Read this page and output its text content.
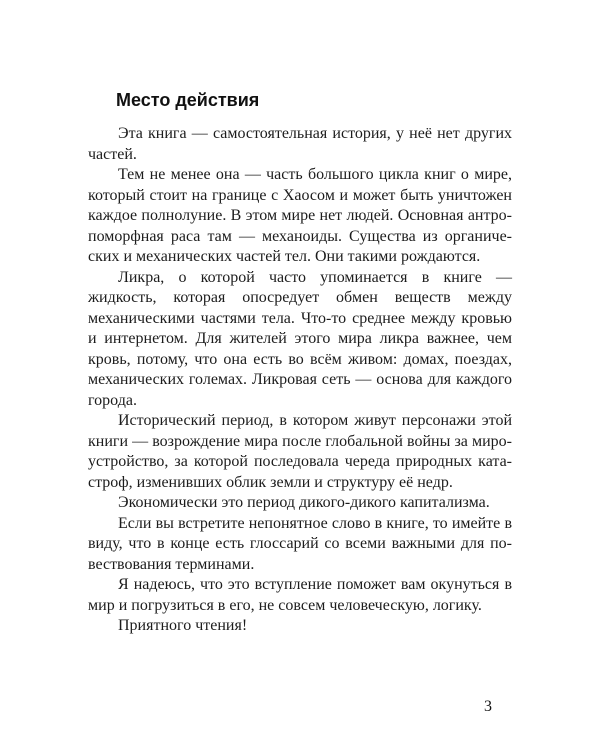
Место действия

Эта книга — самостоятельная история, у неё нет других частей.

Тем не менее она — часть большого цикла книг о мире, который стоит на границе с Хаосом и может быть уничтожен каждое полнолуние. В этом мире нет людей. Основная антропоморфная раса там — механоиды. Существа из органических и механических частей тел. Они такими рождаются.

Ликра, о которой часто упоминается в книге — жидкость, которая опосредует обмен веществ между механическими частями тела. Что-то среднее между кровью и интернетом. Для жителей этого мира ликра важнее, чем кровь, потому, что она есть во всём живом: домах, поездах, механических големах. Ликровая сеть — основа для каждого города.

Исторический период, в котором живут персонажи этой книги — возрождение мира после глобальной войны за мироустройство, за которой последовала череда природных катастроф, изменивших облик земли и структуру её недр.

Экономически это период дикого-дикого капитализма.

Если вы встретите непонятное слово в книге, то имейте в виду, что в конце есть глоссарий со всеми важными для повествования терминами.

Я надеюсь, что это вступление поможет вам окунуться в мир и погрузиться в его, не совсем человеческую, логику.

Приятного чтения!

3
